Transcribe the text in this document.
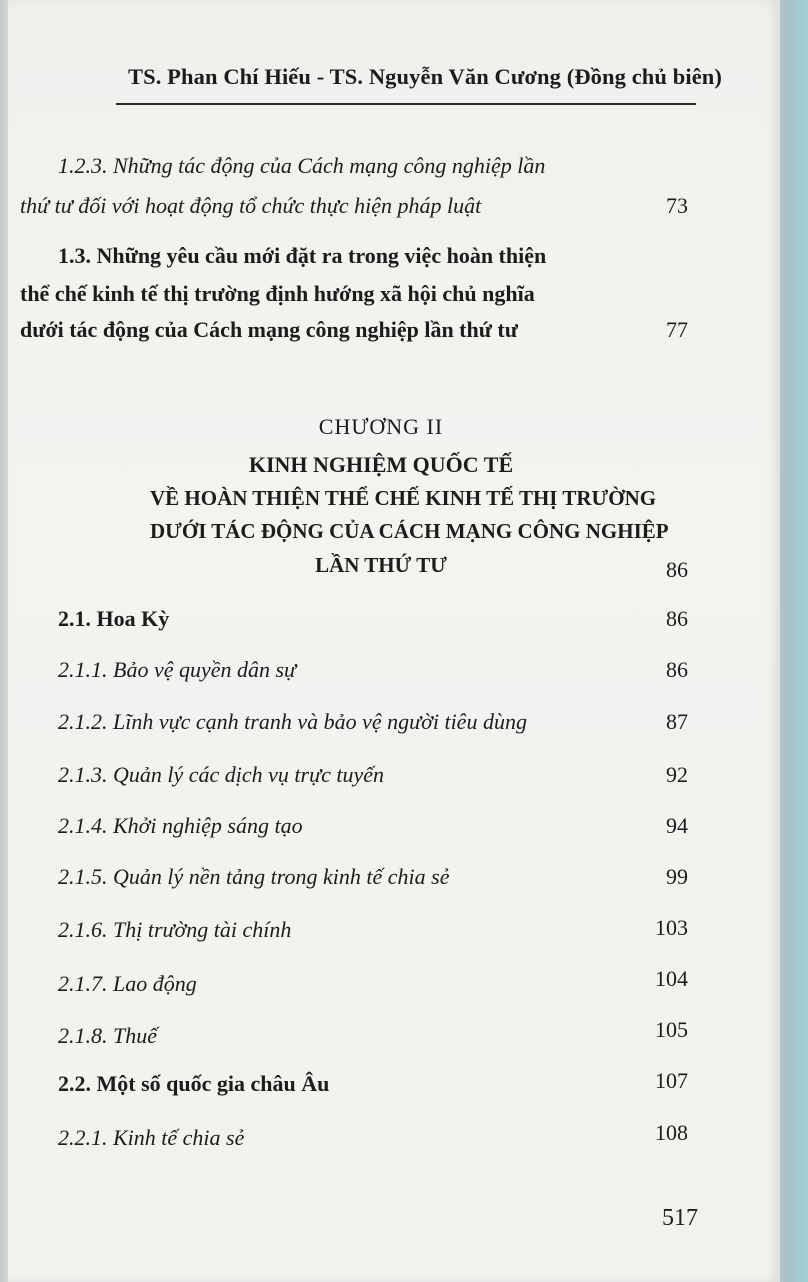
TS. Phan Chí Hiếu - TS. Nguyễn Văn Cương (Đồng chủ biên)
1.2.3. Những tác động của Cách mạng công nghiệp lần
thứ tư đối với hoạt động tổ chức thực hiện pháp luật	73
1.3. Những yêu cầu mới đặt ra trong việc hoàn thiện
thể chế kinh tế thị trường định hướng xã hội chủ nghĩa
dưới tác động của Cách mạng công nghiệp lần thứ tư	77
CHƯƠNG II
KINH NGHIỆM QUỐC TẾ
VỀ HOÀN THIỆN THỂ CHẾ KINH TẾ THỊ TRƯỜNG
DƯỚI TÁC ĐỘNG CỦA CÁCH MẠNG CÔNG NGHIỆP
LẦN THỨ TƯ	86
2.1. Hoa Kỳ	86
2.1.1. Bảo vệ quyền dân sự	86
2.1.2. Lĩnh vực cạnh tranh và bảo vệ người tiêu dùng	87
2.1.3. Quản lý các dịch vụ trực tuyến	92
2.1.4. Khởi nghiệp sáng tạo	94
2.1.5. Quản lý nền tảng trong kinh tế chia sẻ	99
2.1.6. Thị trường tài chính	103
2.1.7. Lao động	104
2.1.8. Thuế	105
2.2. Một số quốc gia châu Âu	107
2.2.1. Kinh tế chia sẻ	108
517
